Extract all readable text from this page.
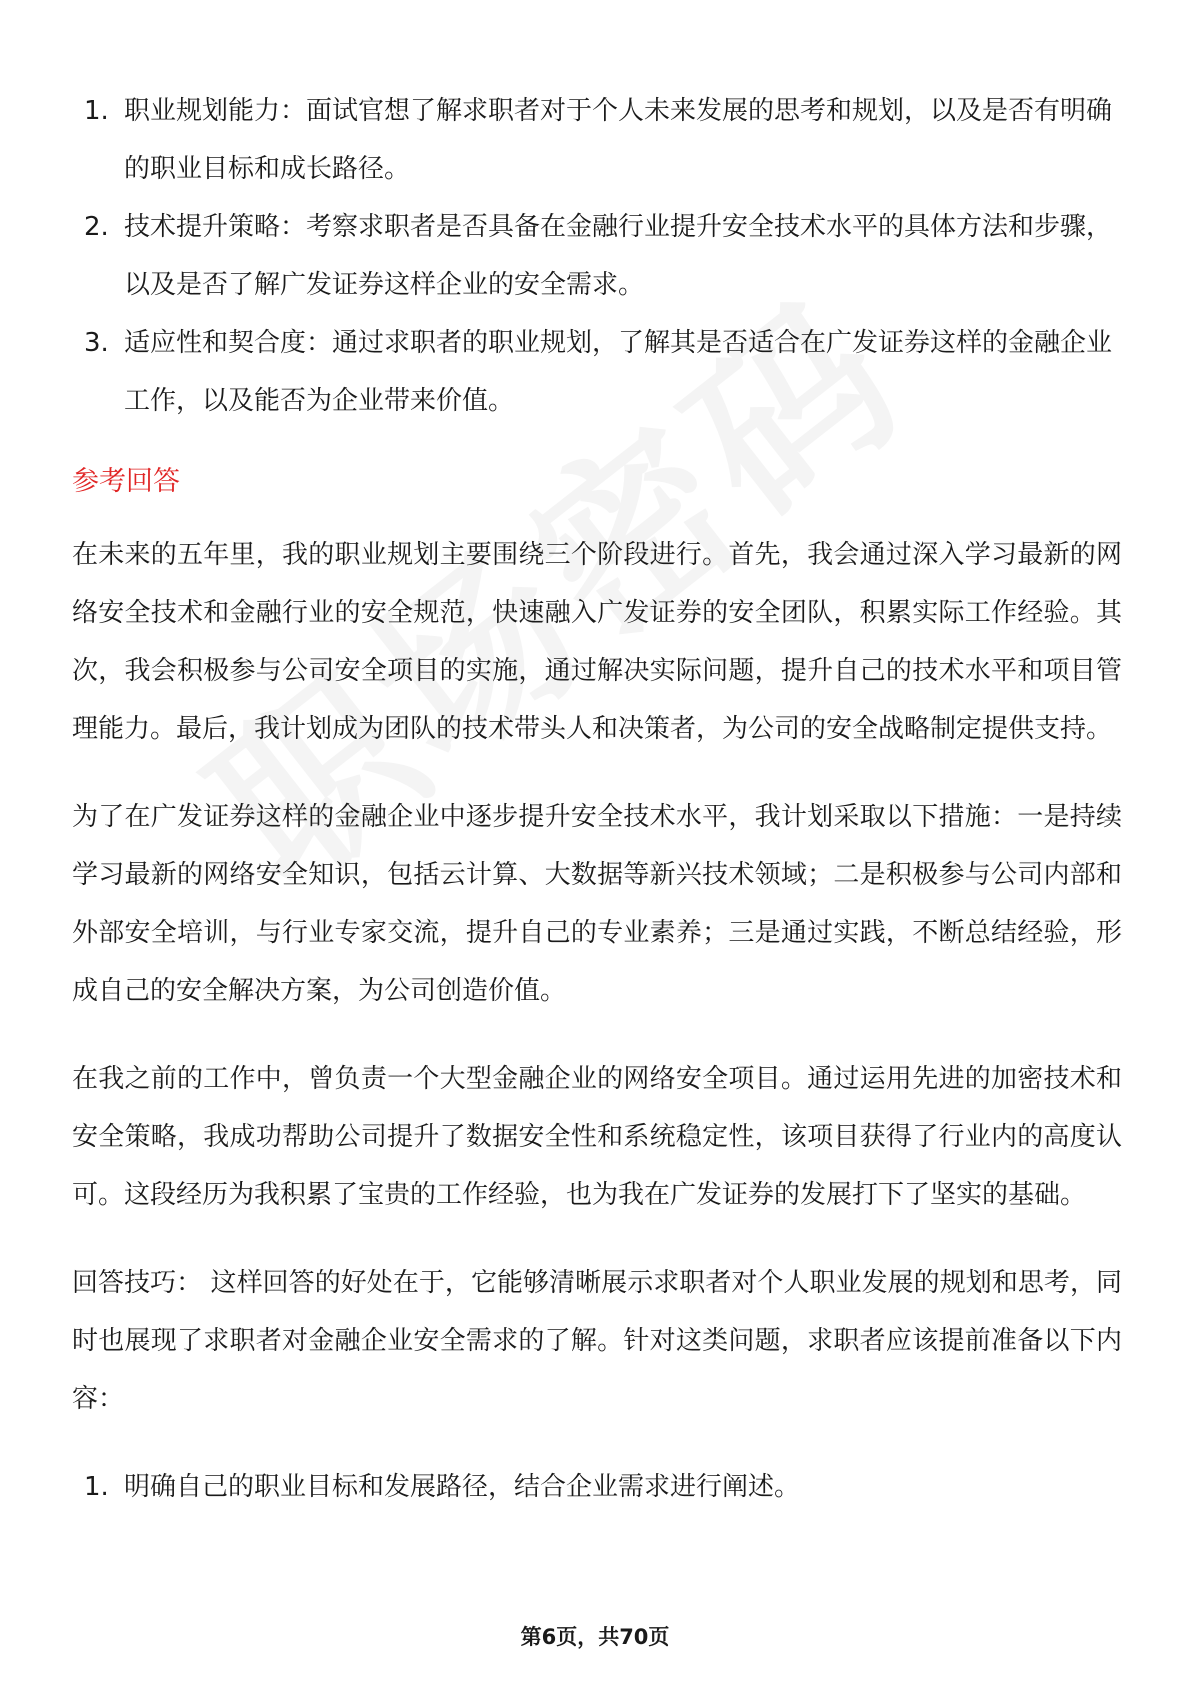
1. 职业规划能力：面试官想了解求职者对于个人未来发展的思考和规划，以及是否有明确的职业目标和成长路径。
2. 技术提升策略：考察求职者是否具备在金融行业提升安全技术水平的具体方法和步骤，以及是否了解广发证券这样企业的安全需求。
3. 适应性和契合度：通过求职者的职业规划，了解其是否适合在广发证券这样的金融企业工作，以及能否为企业带来价值。
参考回答

在未来的五年里，我的职业规划主要围绕三个阶段进行。首先，我会通过深入学习最新的网络安全技术和金融行业的安全规范，快速融入广发证券的安全团队，积累实际工作经验。其次，我会积极参与公司安全项目的实施，通过解决实际问题，提升自己的技术水平和项目管理能力。最后，我计划成为团队的技术带头人和决策者，为公司的安全战略制定提供支持。

为了在广发证券这样的金融企业中逐步提升安全技术水平，我计划采取以下措施：一是持续学习最新的网络安全知识，包括云计算、大数据等新兴技术领域；二是积极参与公司内部和外部安全培训，与行业专家交流，提升自己的专业素养；三是通过实践，不断总结经验，形成自己的安全解决方案，为公司创造价值。

在我之前的工作中，曾负责一个大型金融企业的网络安全项目。通过运用先进的加密技术和安全策略，我成功帮助公司提升了数据安全性和系统稳定性，该项目获得了行业内的高度认可。这段经历为我积累了宝贵的工作经验，也为我在广发证券的发展打下了坚实的基础。

回答技巧： 这样回答的好处在于，它能够清晰展示求职者对个人职业发展的规划和思考，同时也展现了求职者对金融企业安全需求的了解。针对这类问题，求职者应该提前准备以下内容：

1. 明确自己的职业目标和发展路径，结合企业需求进行阐述。
第6页，共70页
